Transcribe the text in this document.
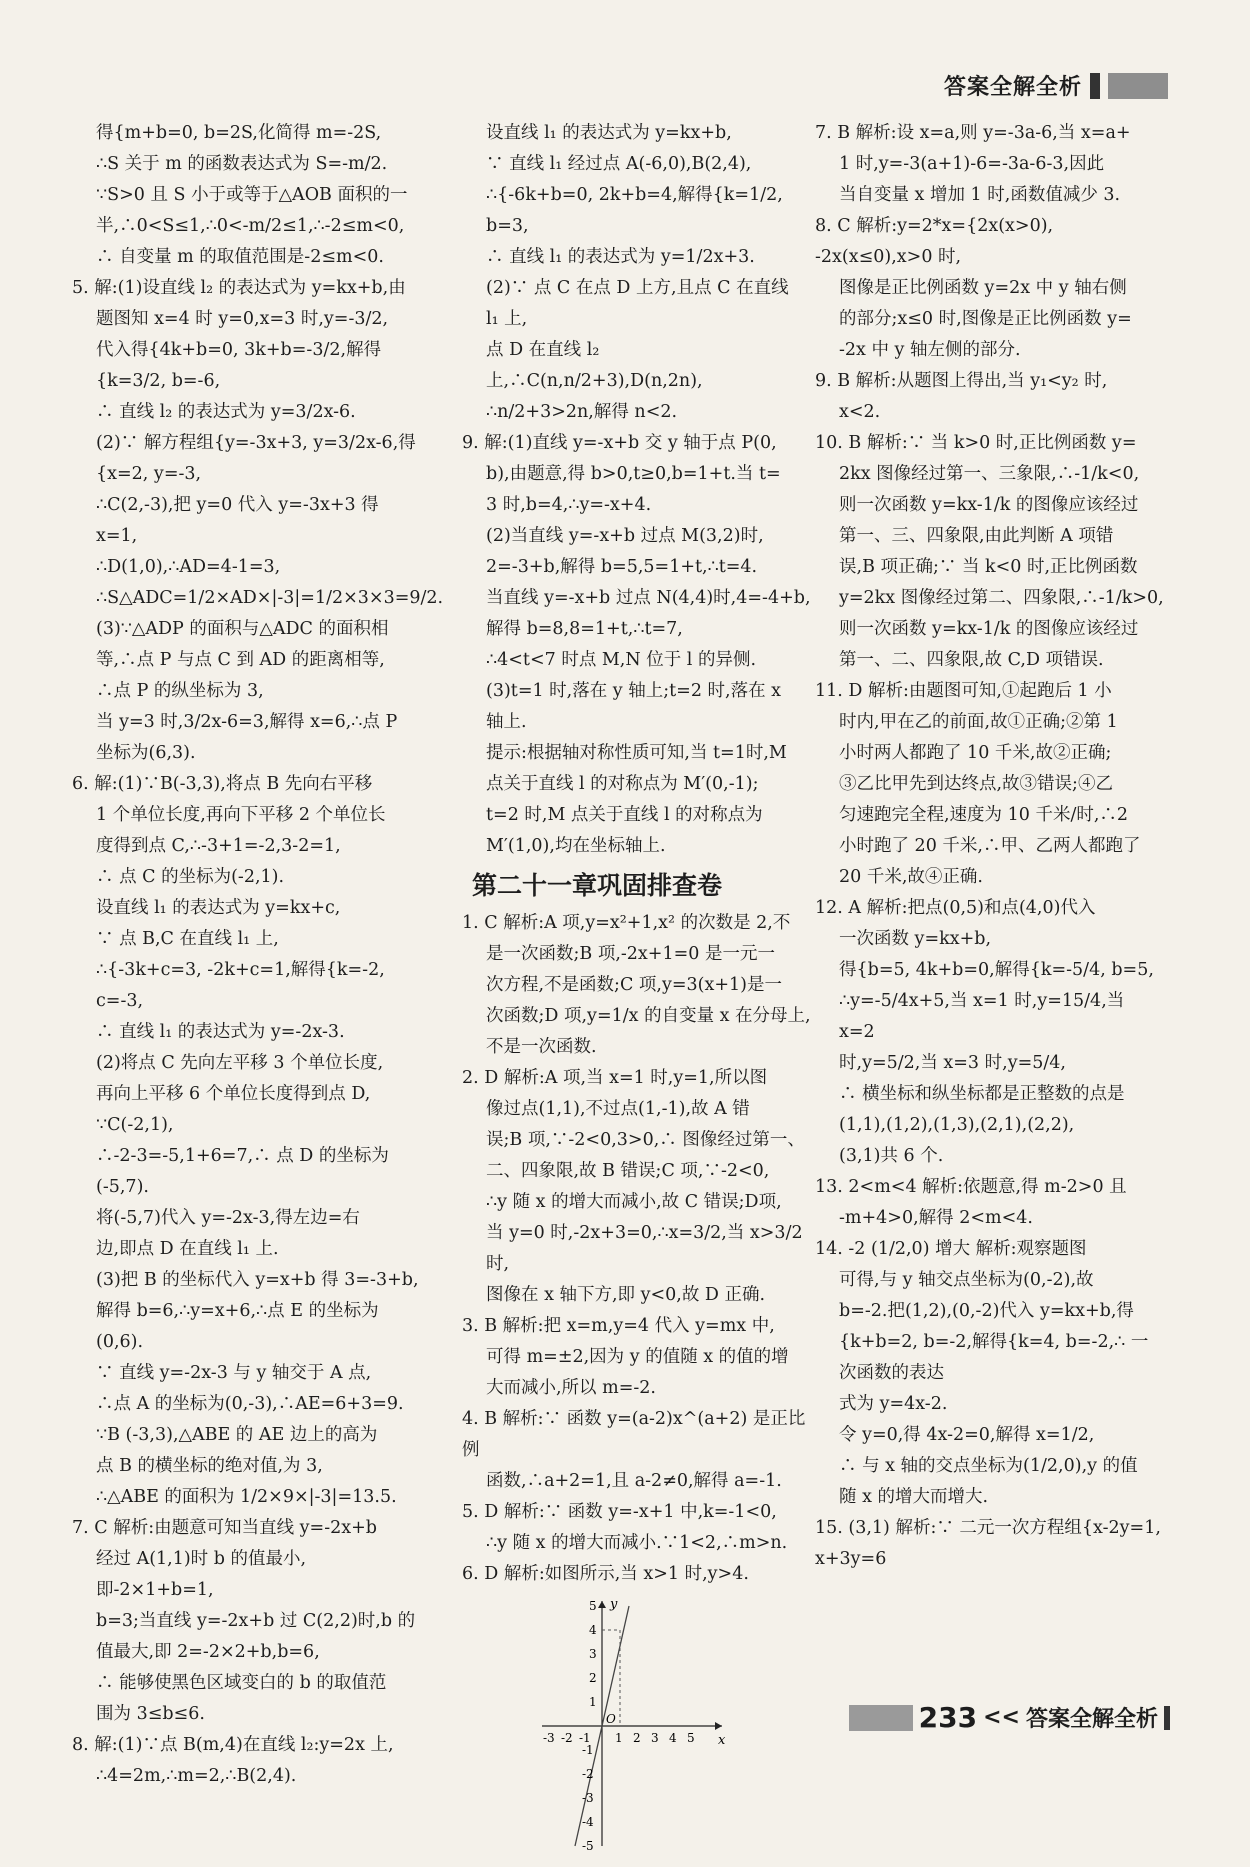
答案全解全析

得{m+b=0, b=2S,化简得 m=-2S,

∴S 关于 m 的函数表达式为 S=-m/2.

∵S>0 且 S 小于或等于△AOB 面积的一

半,∴0<S≤1,∴0<-m/2≤1,∴-2≤m<0,

∴ 自变量 m 的取值范围是-2≤m<0.

5. 解:(1)设直线 l₂ 的表达式为 y=kx+b,由

题图知 x=4 时 y=0,x=3 时,y=-3/2,

代入得{4k+b=0, 3k+b=-3/2,解得{k=3/2, b=-6,

∴ 直线 l₂ 的表达式为 y=3/2x-6.

(2)∵ 解方程组{y=-3x+3, y=3/2x-6,得{x=2, y=-3,

∴C(2,-3),把 y=0 代入 y=-3x+3 得 x=1,

∴D(1,0),∴AD=4-1=3,

∴S△ADC=1/2×AD×|-3|=1/2×3×3=9/2.

(3)∵△ADP 的面积与△ADC 的面积相

等,∴点 P 与点 C 到 AD 的距离相等,

∴点 P 的纵坐标为 3,

当 y=3 时,3/2x-6=3,解得 x=6,∴点 P

坐标为(6,3).

6. 解:(1)∵B(-3,3),将点 B 先向右平移

1 个单位长度,再向下平移 2 个单位长

度得到点 C,∴-3+1=-2,3-2=1,

∴ 点 C 的坐标为(-2,1).

设直线 l₁ 的表达式为 y=kx+c,

∵ 点 B,C 在直线 l₁ 上,

∴{-3k+c=3, -2k+c=1,解得{k=-2, c=-3,

∴ 直线 l₁ 的表达式为 y=-2x-3.

(2)将点 C 先向左平移 3 个单位长度,

再向上平移 6 个单位长度得到点 D,

∵C(-2,1),

∴-2-3=-5,1+6=7,∴ 点 D 的坐标为

(-5,7).

将(-5,7)代入 y=-2x-3,得左边=右

边,即点 D 在直线 l₁ 上.

(3)把 B 的坐标代入 y=x+b 得 3=-3+b,

解得 b=6,∴y=x+6,∴点 E 的坐标为(0,6).

∵ 直线 y=-2x-3 与 y 轴交于 A 点,

∴点 A 的坐标为(0,-3),∴AE=6+3=9.

∵B (-3,3),△ABE 的 AE 边上的高为

点 B 的横坐标的绝对值,为 3,

∴△ABE 的面积为 1/2×9×|-3|=13.5.

7. C 解析:由题意可知当直线 y=-2x+b

经过 A(1,1)时 b 的值最小,即-2×1+b=1,

b=3;当直线 y=-2x+b 过 C(2,2)时,b 的

值最大,即 2=-2×2+b,b=6,

∴ 能够使黑色区域变白的 b 的取值范

围为 3≤b≤6.

8. 解:(1)∵点 B(m,4)在直线 l₂:y=2x 上,

∴4=2m,∴m=2,∴B(2,4).

设直线 l₁ 的表达式为 y=kx+b,

∵ 直线 l₁ 经过点 A(-6,0),B(2,4),

∴{-6k+b=0, 2k+b=4,解得{k=1/2, b=3,

∴ 直线 l₁ 的表达式为 y=1/2x+3.

(2)∵ 点 C 在点 D 上方,且点 C 在直线

l₁ 上,

点 D 在直线 l₂ 上,∴C(n,n/2+3),D(n,2n),

∴n/2+3>2n,解得 n<2.

9. 解:(1)直线 y=-x+b 交 y 轴于点 P(0,

b),由题意,得 b>0,t≥0,b=1+t.当 t=

3 时,b=4,∴y=-x+4.

(2)当直线 y=-x+b 过点 M(3,2)时,

2=-3+b,解得 b=5,5=1+t,∴t=4.

当直线 y=-x+b 过点 N(4,4)时,4=-4+b,

解得 b=8,8=1+t,∴t=7,

∴4<t<7 时点 M,N 位于 l 的异侧.

(3)t=1 时,落在 y 轴上;t=2 时,落在 x

轴上.

提示:根据轴对称性质可知,当 t=1时,M

点关于直线 l 的对称点为 M′(0,-1);

t=2 时,M 点关于直线 l 的对称点为

M′(1,0),均在坐标轴上.

第二十一章巩固排查卷

1. C 解析:A 项,y=x²+1,x² 的次数是 2,不

是一次函数;B 项,-2x+1=0 是一元一

次方程,不是函数;C 项,y=3(x+1)是一

次函数;D 项,y=1/x 的自变量 x 在分母上,

不是一次函数.

2. D 解析:A 项,当 x=1 时,y=1,所以图

像过点(1,1),不过点(1,-1),故 A 错

误;B 项,∵-2<0,3>0,∴ 图像经过第一、

二、四象限,故 B 错误;C 项,∵-2<0,

∴y 随 x 的增大而减小,故 C 错误;D项,

当 y=0 时,-2x+3=0,∴x=3/2,当 x>3/2 时,

图像在 x 轴下方,即 y<0,故 D 正确.

3. B 解析:把 x=m,y=4 代入 y=mx 中,

可得 m=±2,因为 y 的值随 x 的值的增

大而减小,所以 m=-2.

4. B 解析:∵ 函数 y=(a-2)x^(a+2) 是正比例

函数,∴a+2=1,且 a-2≠0,解得 a=-1.

5. D 解析:∵ 函数 y=-x+1 中,k=-1<0,

∴y 随 x 的增大而减小.∵1<2,∴m>n.

6. D 解析:如图所示,当 x>1 时,y>4.

y
x
O
-3 -2 -1 1 2 3 4 5
5
4
3
2
1
-1
-2
-3
-4
-5

7. B 解析:设 x=a,则 y=-3a-6,当 x=a+

1 时,y=-3(a+1)-6=-3a-6-3,因此

当自变量 x 增加 1 时,函数值减少 3.

8. C 解析:y=2*x={2x(x>0), -2x(x≤0),x>0 时,

图像是正比例函数 y=2x 中 y 轴右侧

的部分;x≤0 时,图像是正比例函数 y=

-2x 中 y 轴左侧的部分.

9. B 解析:从题图上得出,当 y₁<y₂ 时,

x<2.

10. B 解析:∵ 当 k>0 时,正比例函数 y=

2kx 图像经过第一、三象限,∴-1/k<0,

则一次函数 y=kx-1/k 的图像应该经过

第一、三、四象限,由此判断 A 项错

误,B 项正确;∵ 当 k<0 时,正比例函数

y=2kx 图像经过第二、四象限,∴-1/k>0,

则一次函数 y=kx-1/k 的图像应该经过

第一、二、四象限,故 C,D 项错误.

11. D 解析:由题图可知,①起跑后 1 小

时内,甲在乙的前面,故①正确;②第 1

小时两人都跑了 10 千米,故②正确;

③乙比甲先到达终点,故③错误;④乙

匀速跑完全程,速度为 10 千米/时,∴2

小时跑了 20 千米,∴甲、乙两人都跑了

20 千米,故④正确.

12. A 解析:把点(0,5)和点(4,0)代入

一次函数 y=kx+b,

得{b=5, 4k+b=0,解得{k=-5/4, b=5,

∴y=-5/4x+5,当 x=1 时,y=15/4,当 x=2

时,y=5/2,当 x=3 时,y=5/4,

∴ 横坐标和纵坐标都是正整数的点是

(1,1),(1,2),(1,3),(2,1),(2,2),

(3,1)共 6 个.

13. 2<m<4 解析:依题意,得 m-2>0 且

-m+4>0,解得 2<m<4.

14. -2 (1/2,0) 增大 解析:观察题图

可得,与 y 轴交点坐标为(0,-2),故

b=-2.把(1,2),(0,-2)代入 y=kx+b,得

{k+b=2, b=-2,解得{k=4, b=-2,∴ 一次函数的表达

式为 y=4x-2.

令 y=0,得 4x-2=0,解得 x=1/2,

∴ 与 x 轴的交点坐标为(1/2,0),y 的值

随 x 的增大而增大.

15. (3,1) 解析:∵ 二元一次方程组{x-2y=1, x+3y=6

233 << 答案全解全析
